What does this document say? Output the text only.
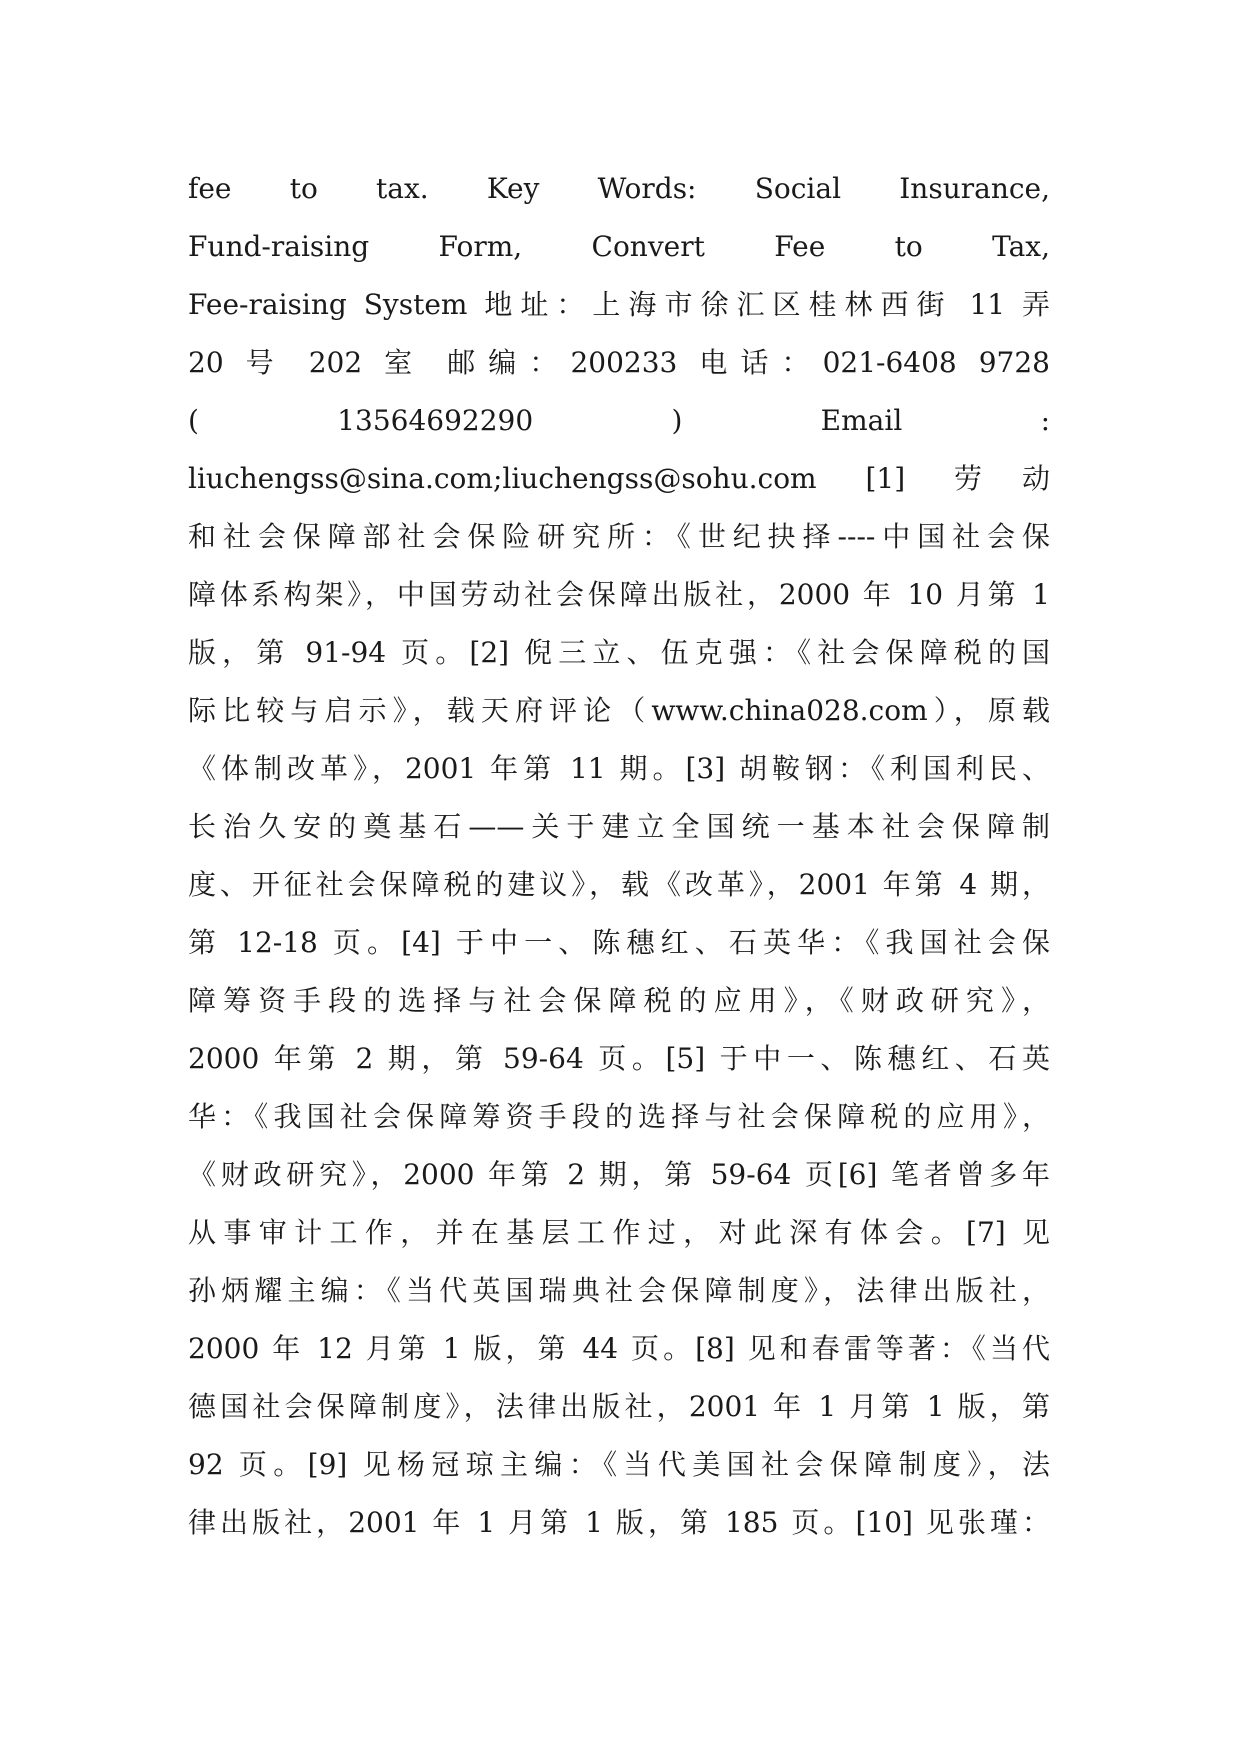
fee to tax. Key Words: Social Insurance,
Fund-raising Form, Convert Fee to Tax,
Fee-raising System 地址：上海市徐汇区桂林西街 11 弄
20 号 202 室 邮编：200233 电话：021-6408 9728
( 13564692290 ) Email :
liuchengss@sina.com;liuchengss@sohu.com [1] 劳动
和社会保障部社会保险研究所：《世纪抉择----中国社会保
障体系构架》，中国劳动社会保障出版社，2000 年 10 月第 1
版，第 91-94 页。[2] 倪三立、伍克强：《社会保障税的国
际比较与启示》，载天府评论（www.china028.com），原载
《体制改革》，2001 年第 11 期。[3] 胡鞍钢：《利国利民、
长治久安的奠基石——关于建立全国统一基本社会保障制
度、开征社会保障税的建议》，载《改革》，2001 年第 4 期，
第 12-18 页。[4] 于中一、陈穗红、石英华：《我国社会保
障筹资手段的选择与社会保障税的应用》，《财政研究》，
2000 年第 2 期，第 59-64 页。[5] 于中一、陈穗红、石英
华：《我国社会保障筹资手段的选择与社会保障税的应用》，
《财政研究》，2000 年第 2 期，第 59-64 页[6] 笔者曾多年
从事审计工作，并在基层工作过，对此深有体会。[7] 见
孙炳耀主编：《当代英国瑞典社会保障制度》，法律出版社，
2000 年 12 月第 1 版，第 44 页。[8] 见和春雷等著：《当代
德国社会保障制度》，法律出版社，2001 年 1 月第 1 版，第
92 页。[9] 见杨冠琼主编：《当代美国社会保障制度》，法
律出版社，2001 年 1 月第 1 版，第 185 页。[10] 见张瑾：
